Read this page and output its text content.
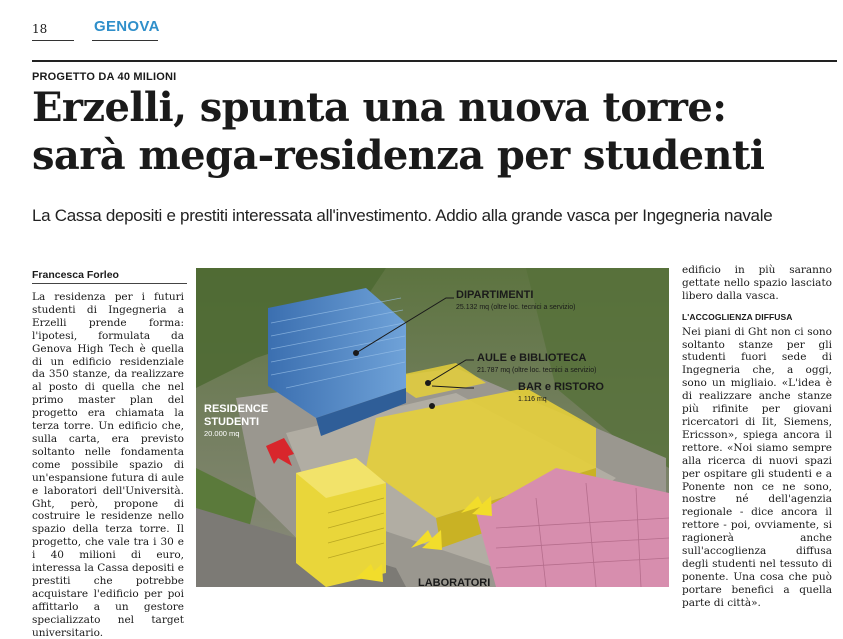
18	GENOVA
PROGETTO DA 40 MILIONI
Erzelli, spunta una nuova torre:
sarà mega-residenza per studenti
La Cassa depositi e prestiti interessata all'investimento. Addio alla grande vasca per Ingegneria navale
Francesca Forleo

La residenza per i futuri studenti di Ingegneria a Erzelli prende forma: l'ipotesi, formulata da Genova High Tech è quella di un edificio residenziale da 350 stanze, da realizzare al posto di quella che nel primo master plan del progetto era chiamata la terza torre. Un edificio che, sulla carta, era previsto soltanto nelle fondamenta come possibile spazio di un'espansione futura di aule e laboratori dell'Università. Ght, però, propone di costruire le residenze nello spazio della terza torre. Il progetto, che vale tra i 30 e i 40 milioni di euro, interessa la Cassa depositi e prestiti che potrebbe acquistare l'edificio per poi affittarlo a un gestore specializzato nel target universitario.

DIPARTIMENTI
25.132 mq (oltre loc. tecnici a servizio)
AULE e BIBLIOTECA
21.787 mq (oltre loc. tecnici a servizio)
BAR e RISTORO
1.116 mq
RESIDENCE
STUDENTI
20.000 mq
LABORATORI

edificio in più saranno gettate nello spazio lasciato libero dalla vasca.

L'ACCOGLIENZA DIFFUSA

Nei piani di Ght non ci sono soltanto stanze per gli studenti fuori sede di Ingegneria che, a oggi, sono un migliaio. «L'idea è di realizzare anche stanze più rifinite per giovani ricercatori di Iit, Siemens, Ericsson», spiega ancora il rettore. «Noi siamo sempre alla ricerca di nuovi spazi per ospitare gli studenti e a Ponente non ce ne sono, nostre né dell'agenzia regionale - dice ancora il rettore - poi, ovviamente, si ragionerà anche sull'accoglienza diffusa degli studenti nel tessuto di ponente. Una cosa che può portare benefici a quella parte di città».
